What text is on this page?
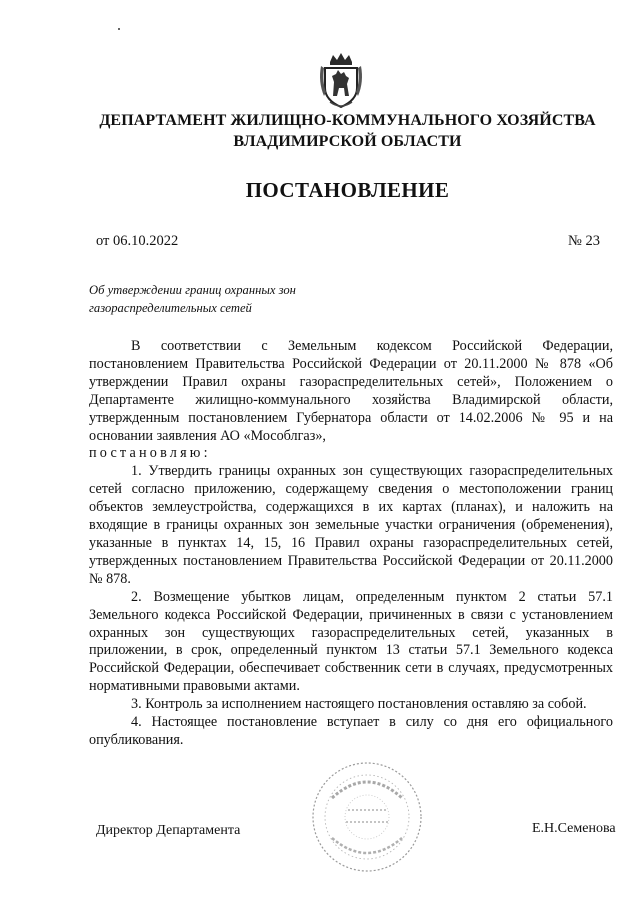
ДЕПАРТАМЕНТ ЖИЛИЩНО-КОММУНАЛЬНОГО ХОЗЯЙСТВА
ВЛАДИМИРСКОЙ ОБЛАСТИ
ПОСТАНОВЛЕНИЕ
от 06.10.2022	№ 23
Об утверждении границ охранных зон
газораспределительных сетей

В соответствии с Земельным кодексом Российской Федерации, постановлением Правительства Российской Федерации от 20.11.2000 № 878 «Об утверждении Правил охраны газораспределительных сетей», Положением о Департаменте жилищно-коммунального хозяйства Владимирской области, утвержденным постановлением Губернатора области от 14.02.2006 № 95 и на основании заявления АО «Мособлгаз»,

постановляю:

1. Утвердить границы охранных зон существующих газораспределительных сетей согласно приложению, содержащему сведения о местоположении границ объектов землеустройства, содержащихся в их картах (планах), и наложить на входящие в границы охранных зон земельные участки ограничения (обременения), указанные в пунктах 14, 15, 16 Правил охраны газораспределительных сетей, утвержденных постановлением Правительства Российской Федерации от 20.11.2000 № 878.

2. Возмещение убытков лицам, определенным пунктом 2 статьи 57.1 Земельного кодекса Российской Федерации, причиненных в связи с установлением охранных зон существующих газораспределительных сетей, указанных в приложении, в срок, определенный пунктом 13 статьи 57.1 Земельного кодекса Российской Федерации, обеспечивает собственник сети в случаях, предусмотренных нормативными правовыми актами.

3. Контроль за исполнением настоящего постановления оставляю за собой.

4. Настоящее постановление вступает в силу со дня его официального опубликования.

Директор Департамента	Е.Н.Семенова
